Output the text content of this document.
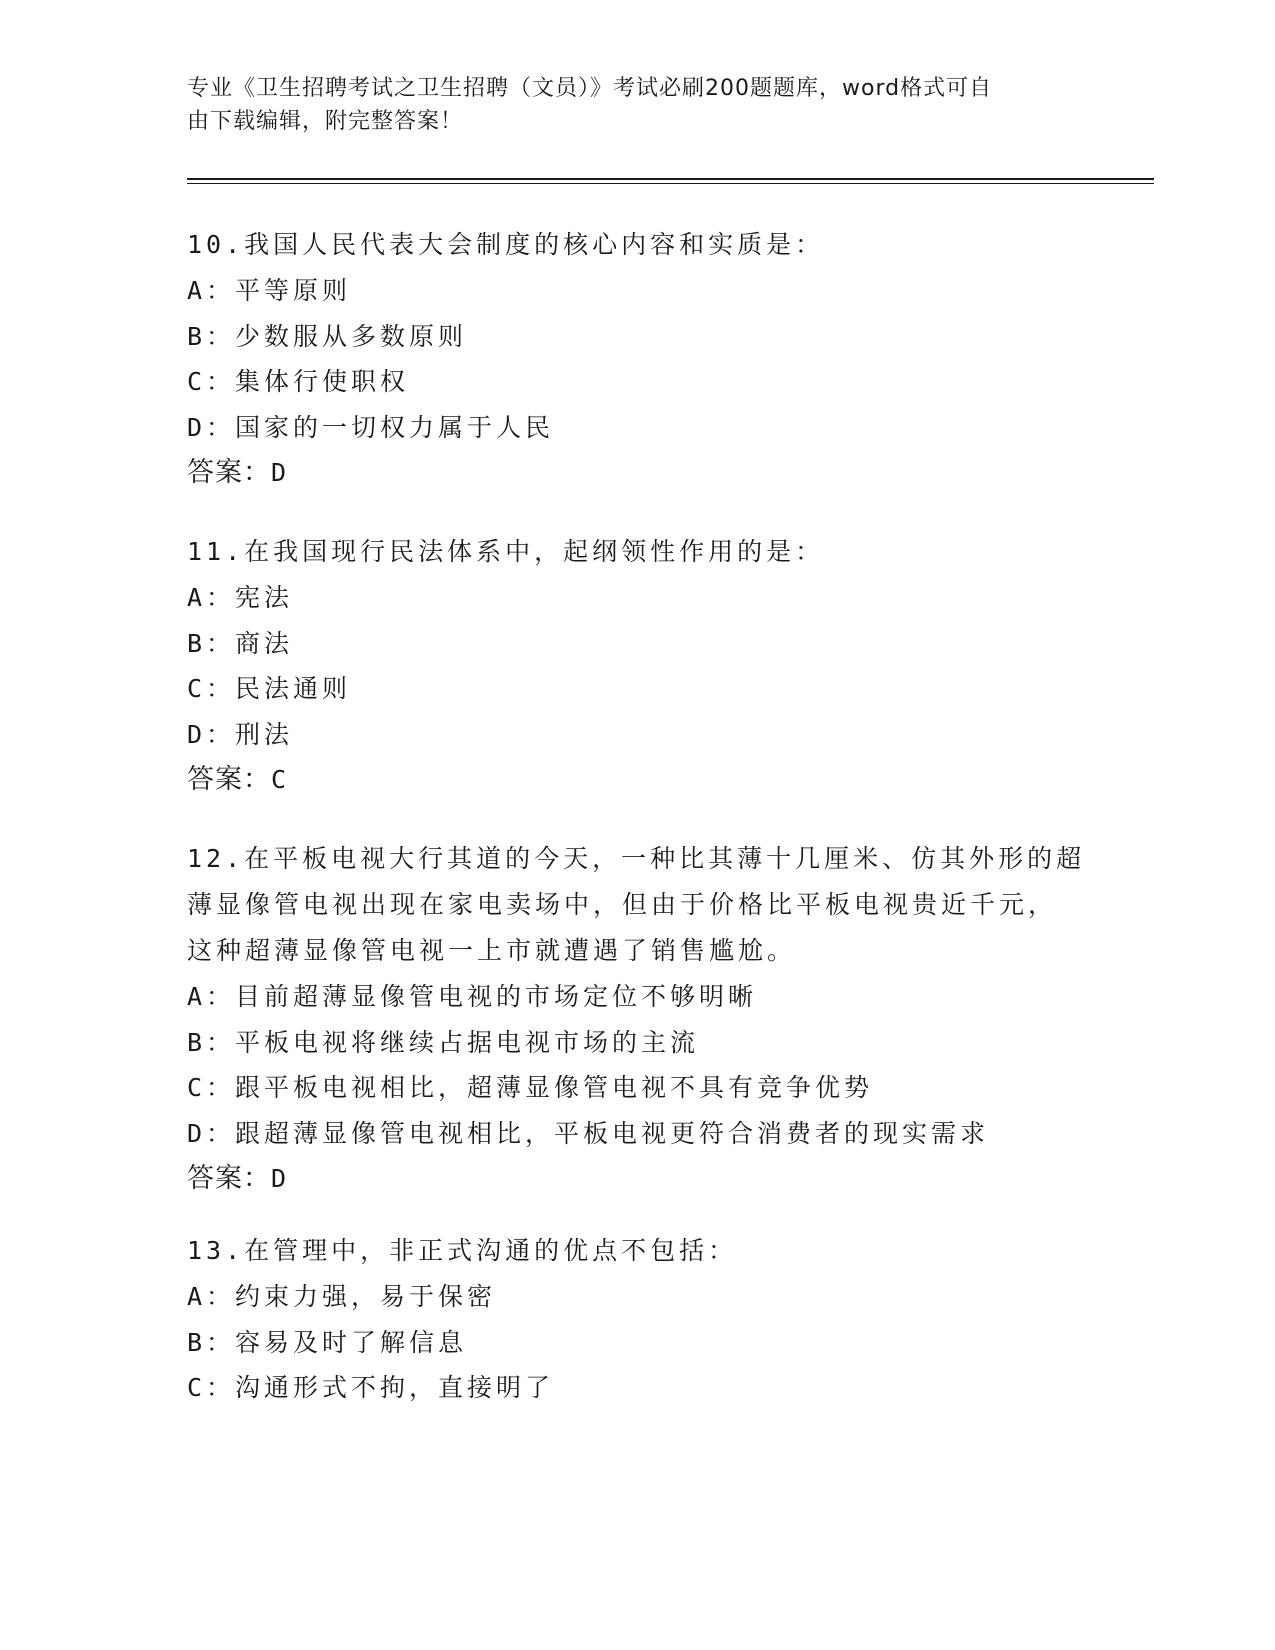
专业《卫生招聘考试之卫生招聘（文员）》考试必刷200题题库，word格式可自
由下载编辑，附完整答案！
10.我国人民代表大会制度的核心内容和实质是：
A：平等原则
B：少数服从多数原则
C：集体行使职权
D：国家的一切权力属于人民
答案：D
11.在我国现行民法体系中，起纲领性作用的是：
A：宪法
B：商法
C：民法通则
D：刑法
答案：C
12.在平板电视大行其道的今天，一种比其薄十几厘米、仿其外形的超
薄显像管电视出现在家电卖场中，但由于价格比平板电视贵近千元，
这种超薄显像管电视一上市就遭遇了销售尴尬。
A：目前超薄显像管电视的市场定位不够明晰
B：平板电视将继续占据电视市场的主流
C：跟平板电视相比，超薄显像管电视不具有竞争优势
D：跟超薄显像管电视相比，平板电视更符合消费者的现实需求
答案：D
13.在管理中，非正式沟通的优点不包括：
A：约束力强，易于保密
B：容易及时了解信息
C：沟通形式不拘，直接明了
